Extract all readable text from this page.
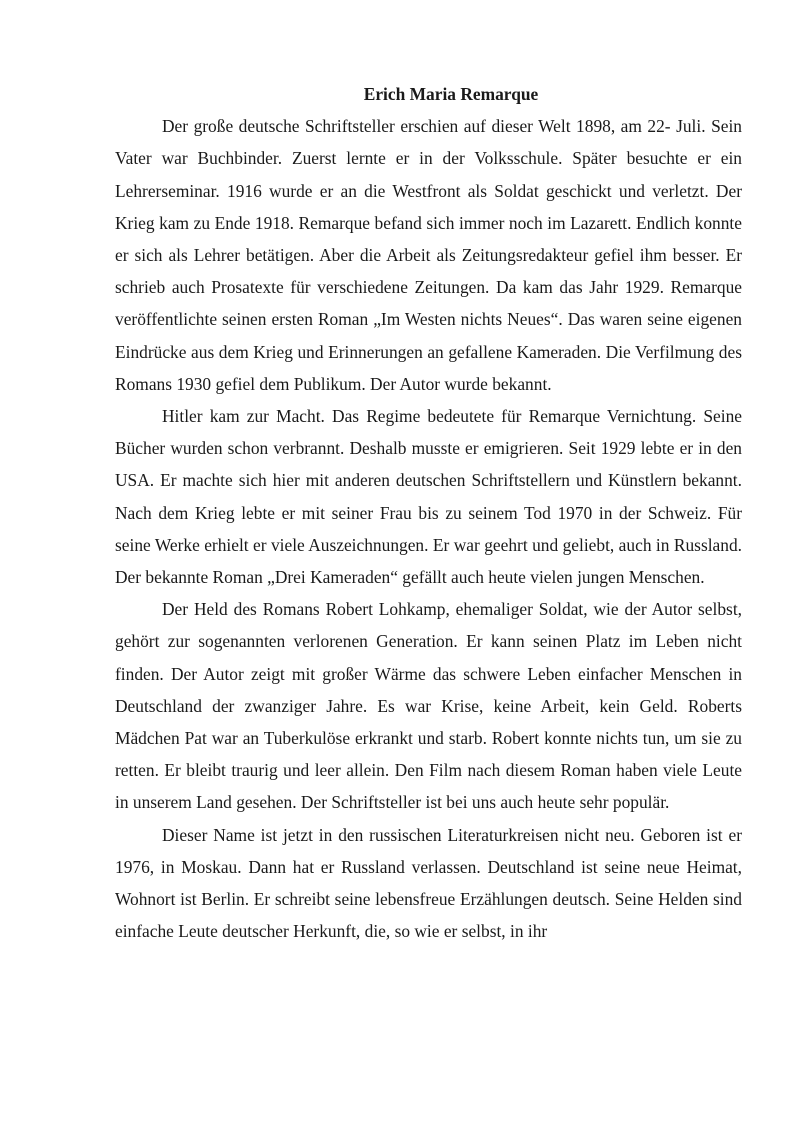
Erich Maria Remarque

Der große deutsche Schriftsteller erschien auf dieser Welt 1898, am 22- Juli. Sein Vater war Buchbinder. Zuerst lernte er in der Volksschule. Später besuchte er ein Lehrerseminar. 1916 wurde er an die Westfront als Soldat geschickt und verletzt. Der Krieg kam zu Ende 1918. Remarque befand sich immer noch im Lazarett. Endlich konnte er sich als Lehrer betätigen. Aber die Arbeit als Zeitungsredakteur gefiel ihm besser. Er schrieb auch Prosatexte für verschiedene Zeitungen. Da kam das Jahr 1929. Remarque veröffentlichte seinen ersten Roman „Im Westen nichts Neues“. Das waren seine eigenen Eindrücke aus dem Krieg und Erinnerungen an gefallene Kameraden. Die Verfilmung des Romans 1930 gefiel dem Publikum. Der Autor wurde bekannt.

Hitler kam zur Macht. Das Regime bedeutete für Remarque Vernichtung. Seine Bücher wurden schon verbrannt. Deshalb musste er emigrieren. Seit 1929 lebte er in den USA. Er machte sich hier mit anderen deutschen Schriftstellern und Künstlern bekannt. Nach dem Krieg lebte er mit seiner Frau bis zu seinem Tod 1970 in der Schweiz. Für seine Werke erhielt er viele Auszeichnungen. Er war geehrt und geliebt, auch in Russland. Der bekannte Roman „Drei Kameraden“ gefällt auch heute vielen jungen Menschen.

Der Held des Romans Robert Lohkamp, ehemaliger Soldat, wie der Autor selbst, gehört zur sogenannten verlorenen Generation. Er kann seinen Platz im Leben nicht finden. Der Autor zeigt mit großer Wärme das schwere Leben einfacher Menschen in Deutschland der zwanziger Jahre. Es war Krise, keine Arbeit, kein Geld. Roberts Mädchen Pat war an Tuberkulöse erkrankt und starb. Robert konnte nichts tun, um sie zu retten. Er bleibt traurig und leer allein. Den Film nach diesem Roman haben viele Leute in unserem Land gesehen. Der Schriftsteller ist bei uns auch heute sehr populär.

Dieser Name ist jetzt in den russischen Literaturkreisen nicht neu. Geboren ist er 1976, in Moskau. Dann hat er Russland verlassen. Deutschland ist seine neue Heimat, Wohnort ist Berlin. Er schreibt seine lebensfreue Erzählungen deutsch. Seine Helden sind einfache Leute deutscher Herkunft, die, so wie er selbst, in ihr
